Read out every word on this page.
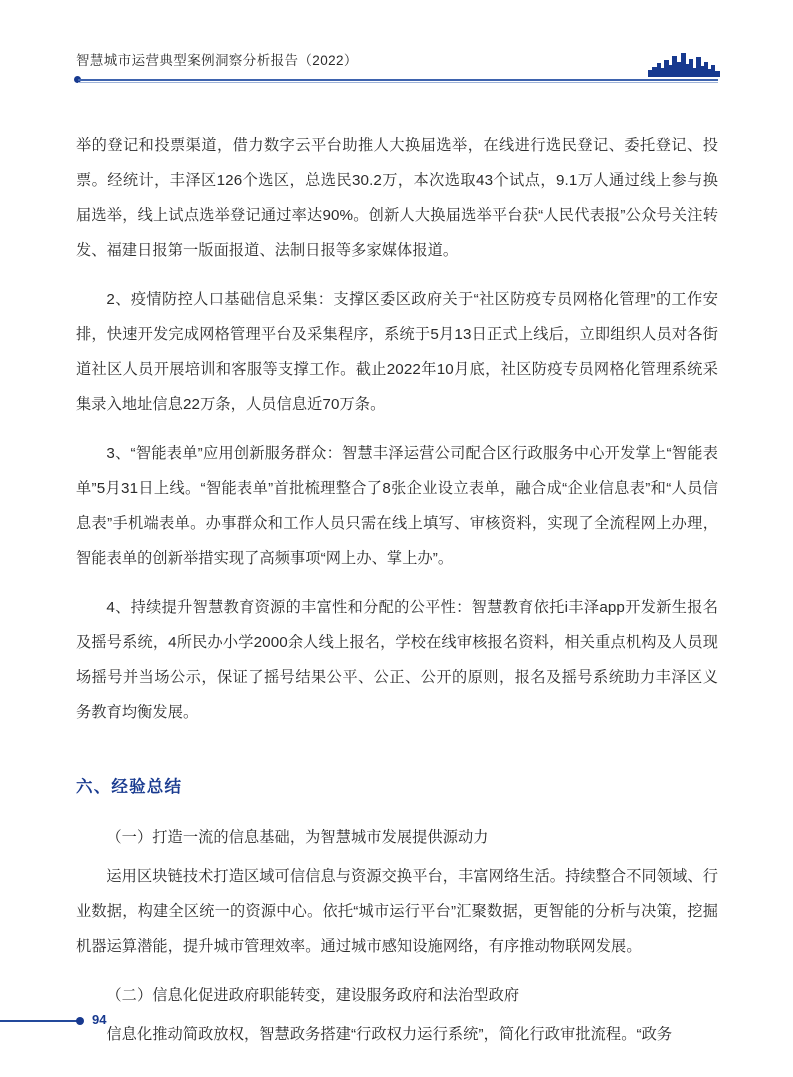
智慧城市运营典型案例洞察分析报告（2022）

举的登记和投票渠道，借力数字云平台助推人大换届选举，在线进行选民登记、委托登记、投票。经统计，丰泽区126个选区，总选民30.2万，本次选取43个试点，9.1万人通过线上参与换届选举，线上试点选举登记通过率达90%。创新人大换届选举平台获“人民代表报”公众号关注转发、福建日报第一版面报道、法制日报等多家媒体报道。

2、疫情防控人口基础信息采集：支撑区委区政府关于“社区防疫专员网格化管理”的工作安排，快速开发完成网格管理平台及采集程序，系统于5月13日正式上线后，立即组织人员对各街道社区人员开展培训和客服等支撑工作。截止2022年10月底，社区防疫专员网格化管理系统采集录入地址信息22万条，人员信息近70万条。

3、“智能表单”应用创新服务群众：智慧丰泽运营公司配合区行政服务中心开发掌上“智能表单”5月31日上线。“智能表单”首批梳理整合了8张企业设立表单，融合成“企业信息表”和“人员信息表”手机端表单。办事群众和工作人员只需在线上填写、审核资料，实现了全流程网上办理，智能表单的创新举措实现了高频事项“网上办、掌上办”。

4、持续提升智慧教育资源的丰富性和分配的公平性：智慧教育依托i丰泽app开发新生报名及摇号系统，4所民办小学2000余人线上报名，学校在线审核报名资料，相关重点机构及人员现场摇号并当场公示，保证了摇号结果公平、公正、公开的原则，报名及摇号系统助力丰泽区义务教育均衡发展。

六、经验总结
（一）打造一流的信息基础，为智慧城市发展提供源动力

运用区块链技术打造区域可信信息与资源交换平台，丰富网络生活。持续整合不同领域、行业数据，构建全区统一的资源中心。依托“城市运行平台”汇聚数据，更智能的分析与决策，挖掘机器运算潜能，提升城市管理效率。通过城市感知设施网络，有序推动物联网发展。

（二）信息化促进政府职能转变，建设服务政府和法治型政府

信息化推动简政放权，智慧政务搭建“行政权力运行系统”，简化行政审批流程。“政务

94
